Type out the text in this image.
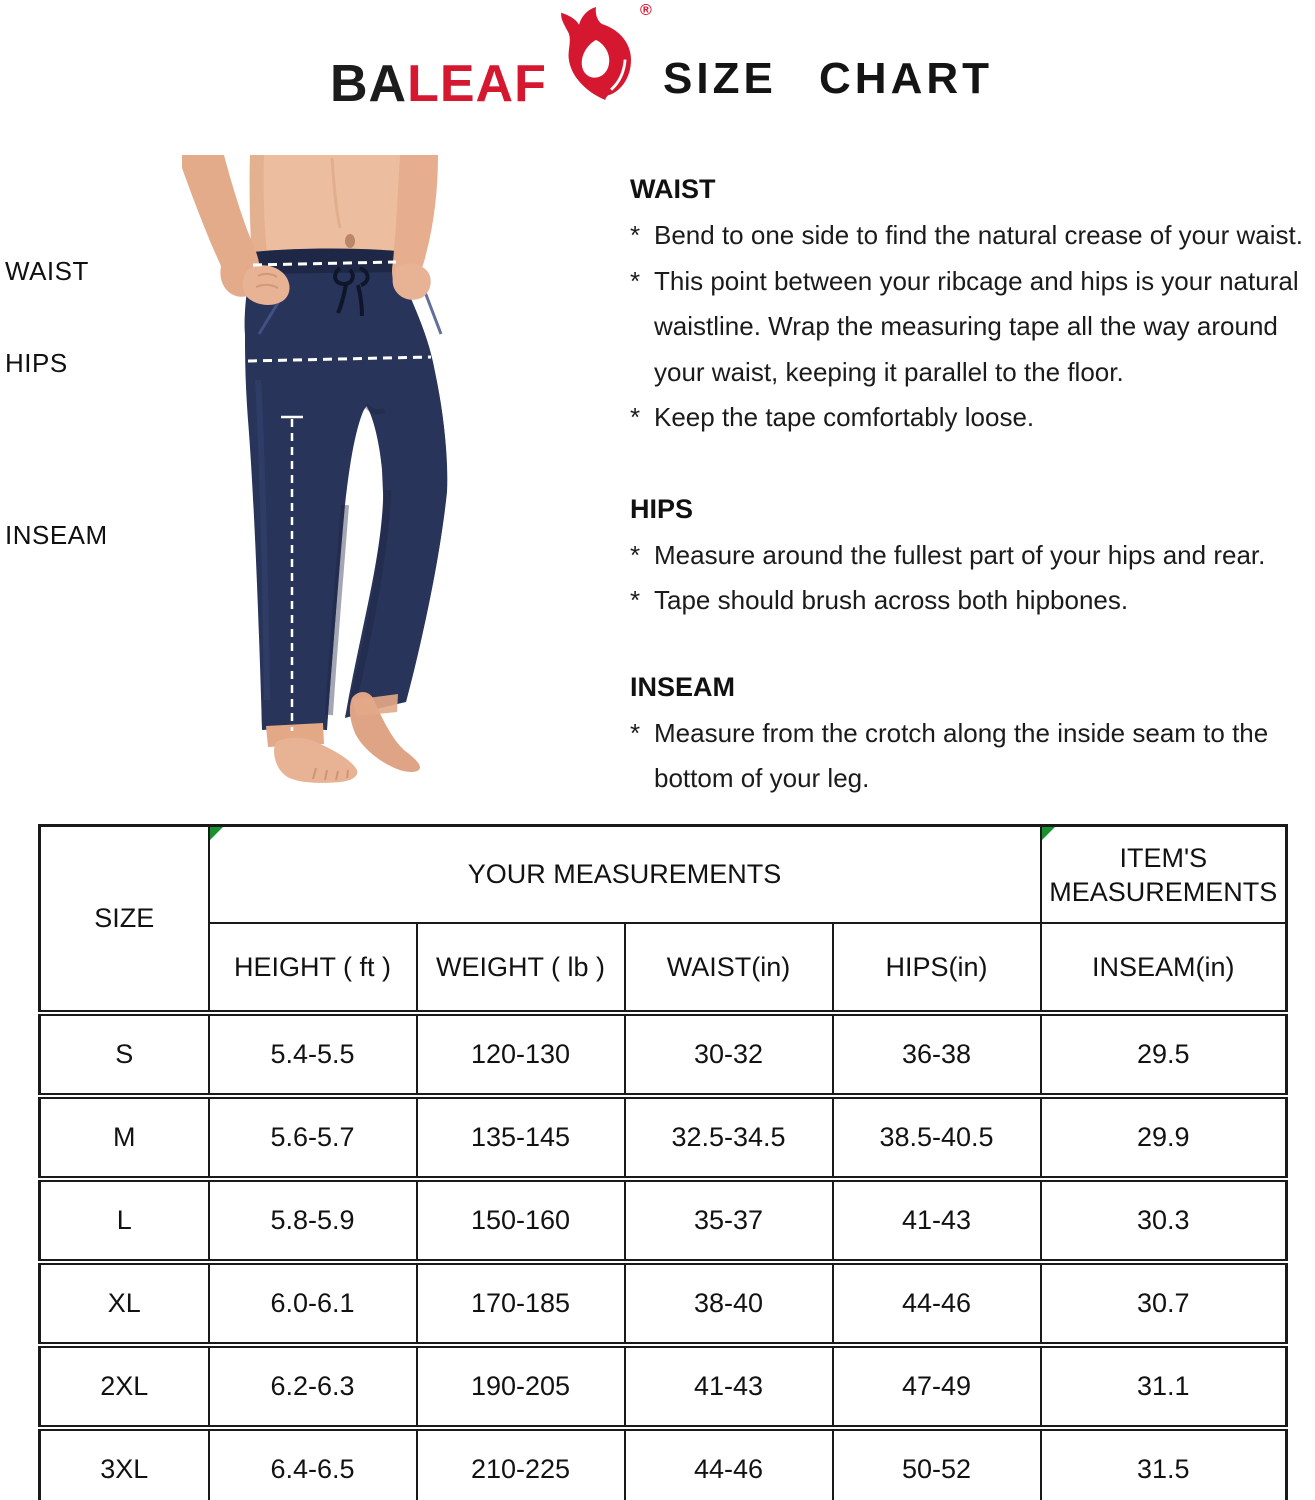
BALEAF
®
SIZE CHART
WAIST
HIPS
INSEAM
WAIST
* Bend to one side to find the natural crease of your waist.
* This point between your ribcage and hips is your natural
waistline. Wrap the measuring tape all the way around
your waist, keeping it parallel to the floor.
* Keep the tape comfortably loose.
HIPS
* Measure around the fullest part of your hips and rear.
* Tape should brush across both hipbones.
INSEAM
* Measure from the crotch along the inside seam to the
bottom of your leg.
SIZE	YOUR MEASUREMENTS				ITEM'S MEASUREMENTS
	HEIGHT ( ft )	WEIGHT ( lb )	WAIST(in)	HIPS(in)	INSEAM(in)
S	5.4-5.5	120-130	30-32	36-38	29.5
M	5.6-5.7	135-145	32.5-34.5	38.5-40.5	29.9
L	5.8-5.9	150-160	35-37	41-43	30.3
XL	6.0-6.1	170-185	38-40	44-46	30.7
2XL	6.2-6.3	190-205	41-43	47-49	31.1
3XL	6.4-6.5	210-225	44-46	50-52	31.5
